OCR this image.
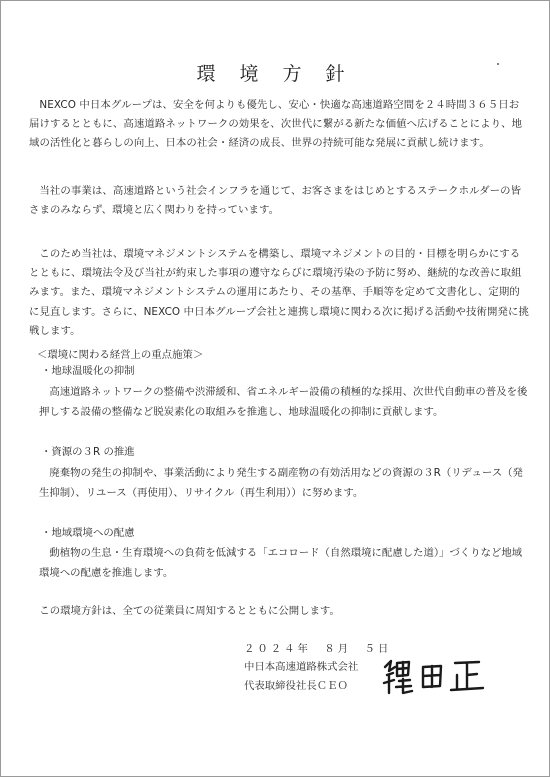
環 境 方 針

NEXCO 中日本グループは、安全を何よりも優先し、安心・快適な高速道路空間を２４時間３６５日お届けするとともに、高速道路ネットワークの効果を、次世代に繋がる新たな価値へ広げることにより、地域の活性化と暮らしの向上、日本の社会・経済の成長、世界の持続可能な発展に貢献し続けます。

当社の事業は、高速道路という社会インフラを通じて、お客さまをはじめとするステークホルダーの皆さまのみならず、環境と広く関わりを持っています。

このため当社は、環境マネジメントシステムを構築し、環境マネジメントの目的・目標を明らかにするとともに、環境法令及び当社が約束した事項の遵守ならびに環境汚染の予防に努め、継続的な改善に取組みます。また、環境マネジメントシステムの運用にあたり、その基準、手順等を定めて文書化し、定期的に見直します。さらに、NEXCO 中日本グループ会社と連携し環境に関わる次に掲げる活動や技術開発に挑戦します。

＜環境に関わる経営上の重点施策＞
・地球温暖化の抑制

高速道路ネットワークの整備や渋滞緩和、省エネルギー設備の積極的な採用、次世代自動車の普及を後押しする設備の整備など脱炭素化の取組みを推進し、地球温暖化の抑制に貢献します。

・資源の３R の推進

廃棄物の発生の抑制や、事業活動により発生する副産物の有効活用などの資源の３R（リデュース（発生抑制）、リユース（再使用）、リサイクル（再生利用））に努めます。

・地域環境への配慮

動植物の生息・生育環境への負荷を低減する「エコロード（自然環境に配慮した道）」づくりなど地域環境への配慮を推進します。

この環境方針は、全ての従業員に周知するとともに公開します。

２０２４年　８月　５日
中日本高速道路株式会社
代表取締役社長ＣＥＯ
